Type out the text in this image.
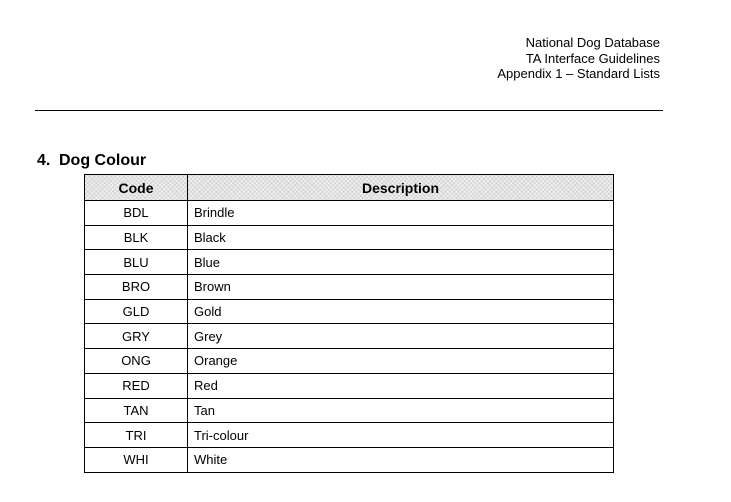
National Dog Database
TA Interface Guidelines
Appendix 1 – Standard Lists
4. Dog Colour
Code	Description
BDL	Brindle
BLK	Black
BLU	Blue
BRO	Brown
GLD	Gold
GRY	Grey
ONG	Orange
RED	Red
TAN	Tan
TRI	Tri-colour
WHI	White
